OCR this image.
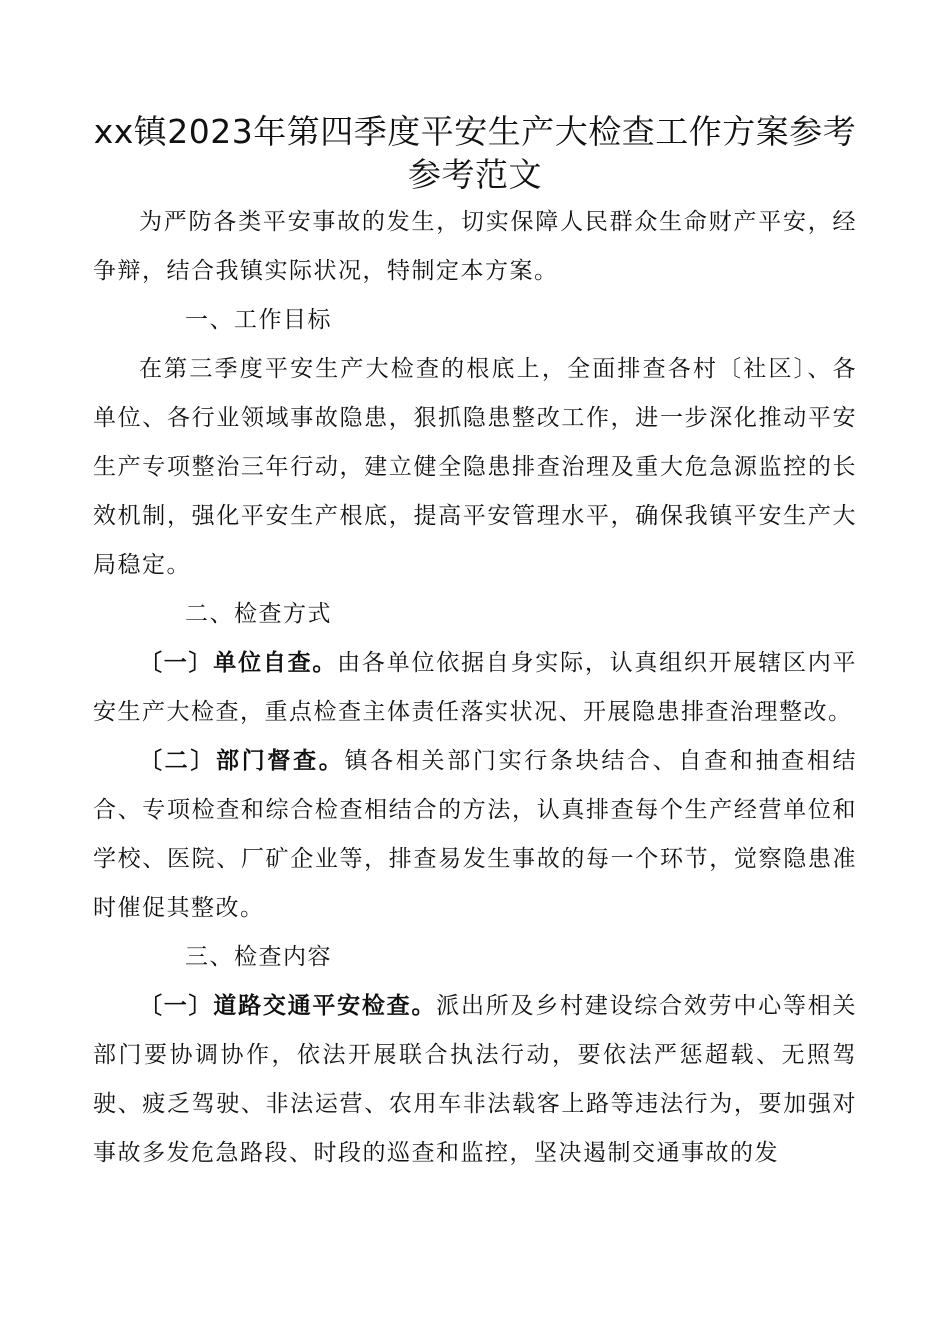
xx镇2023年第四季度平安生产大检查工作方案参考参考范文

为严防各类平安事故的发生，切实保障人民群众生命财产平安，经争辩，结合我镇实际状况，特制定本方案。

一、工作目标

在第三季度平安生产大检查的根底上，全面排查各村〔社区〕、各单位、各行业领域事故隐患，狠抓隐患整改工作，进一步深化推动平安生产专项整治三年行动，建立健全隐患排查治理及重大危急源监控的长效机制，强化平安生产根底，提高平安管理水平，确保我镇平安生产大局稳定。

二、检查方式

〔一〕单位自查。由各单位依据自身实际，认真组织开展辖区内平安生产大检查，重点检查主体责任落实状况、开展隐患排查治理整改。

〔二〕部门督查。镇各相关部门实行条块结合、自查和抽查相结合、专项检查和综合检查相结合的方法，认真排查每个生产经营单位和学校、医院、厂矿企业等，排查易发生事故的每一个环节，觉察隐患准时催促其整改。

三、检查内容

〔一〕道路交通平安检查。派出所及乡村建设综合效劳中心等相关部门要协调协作，依法开展联合执法行动，要依法严惩超载、无照驾驶、疲乏驾驶、非法运营、农用车非法载客上路等违法行为，要加强对事故多发危急路段、时段的巡查和监控，坚决遏制交通事故的发
